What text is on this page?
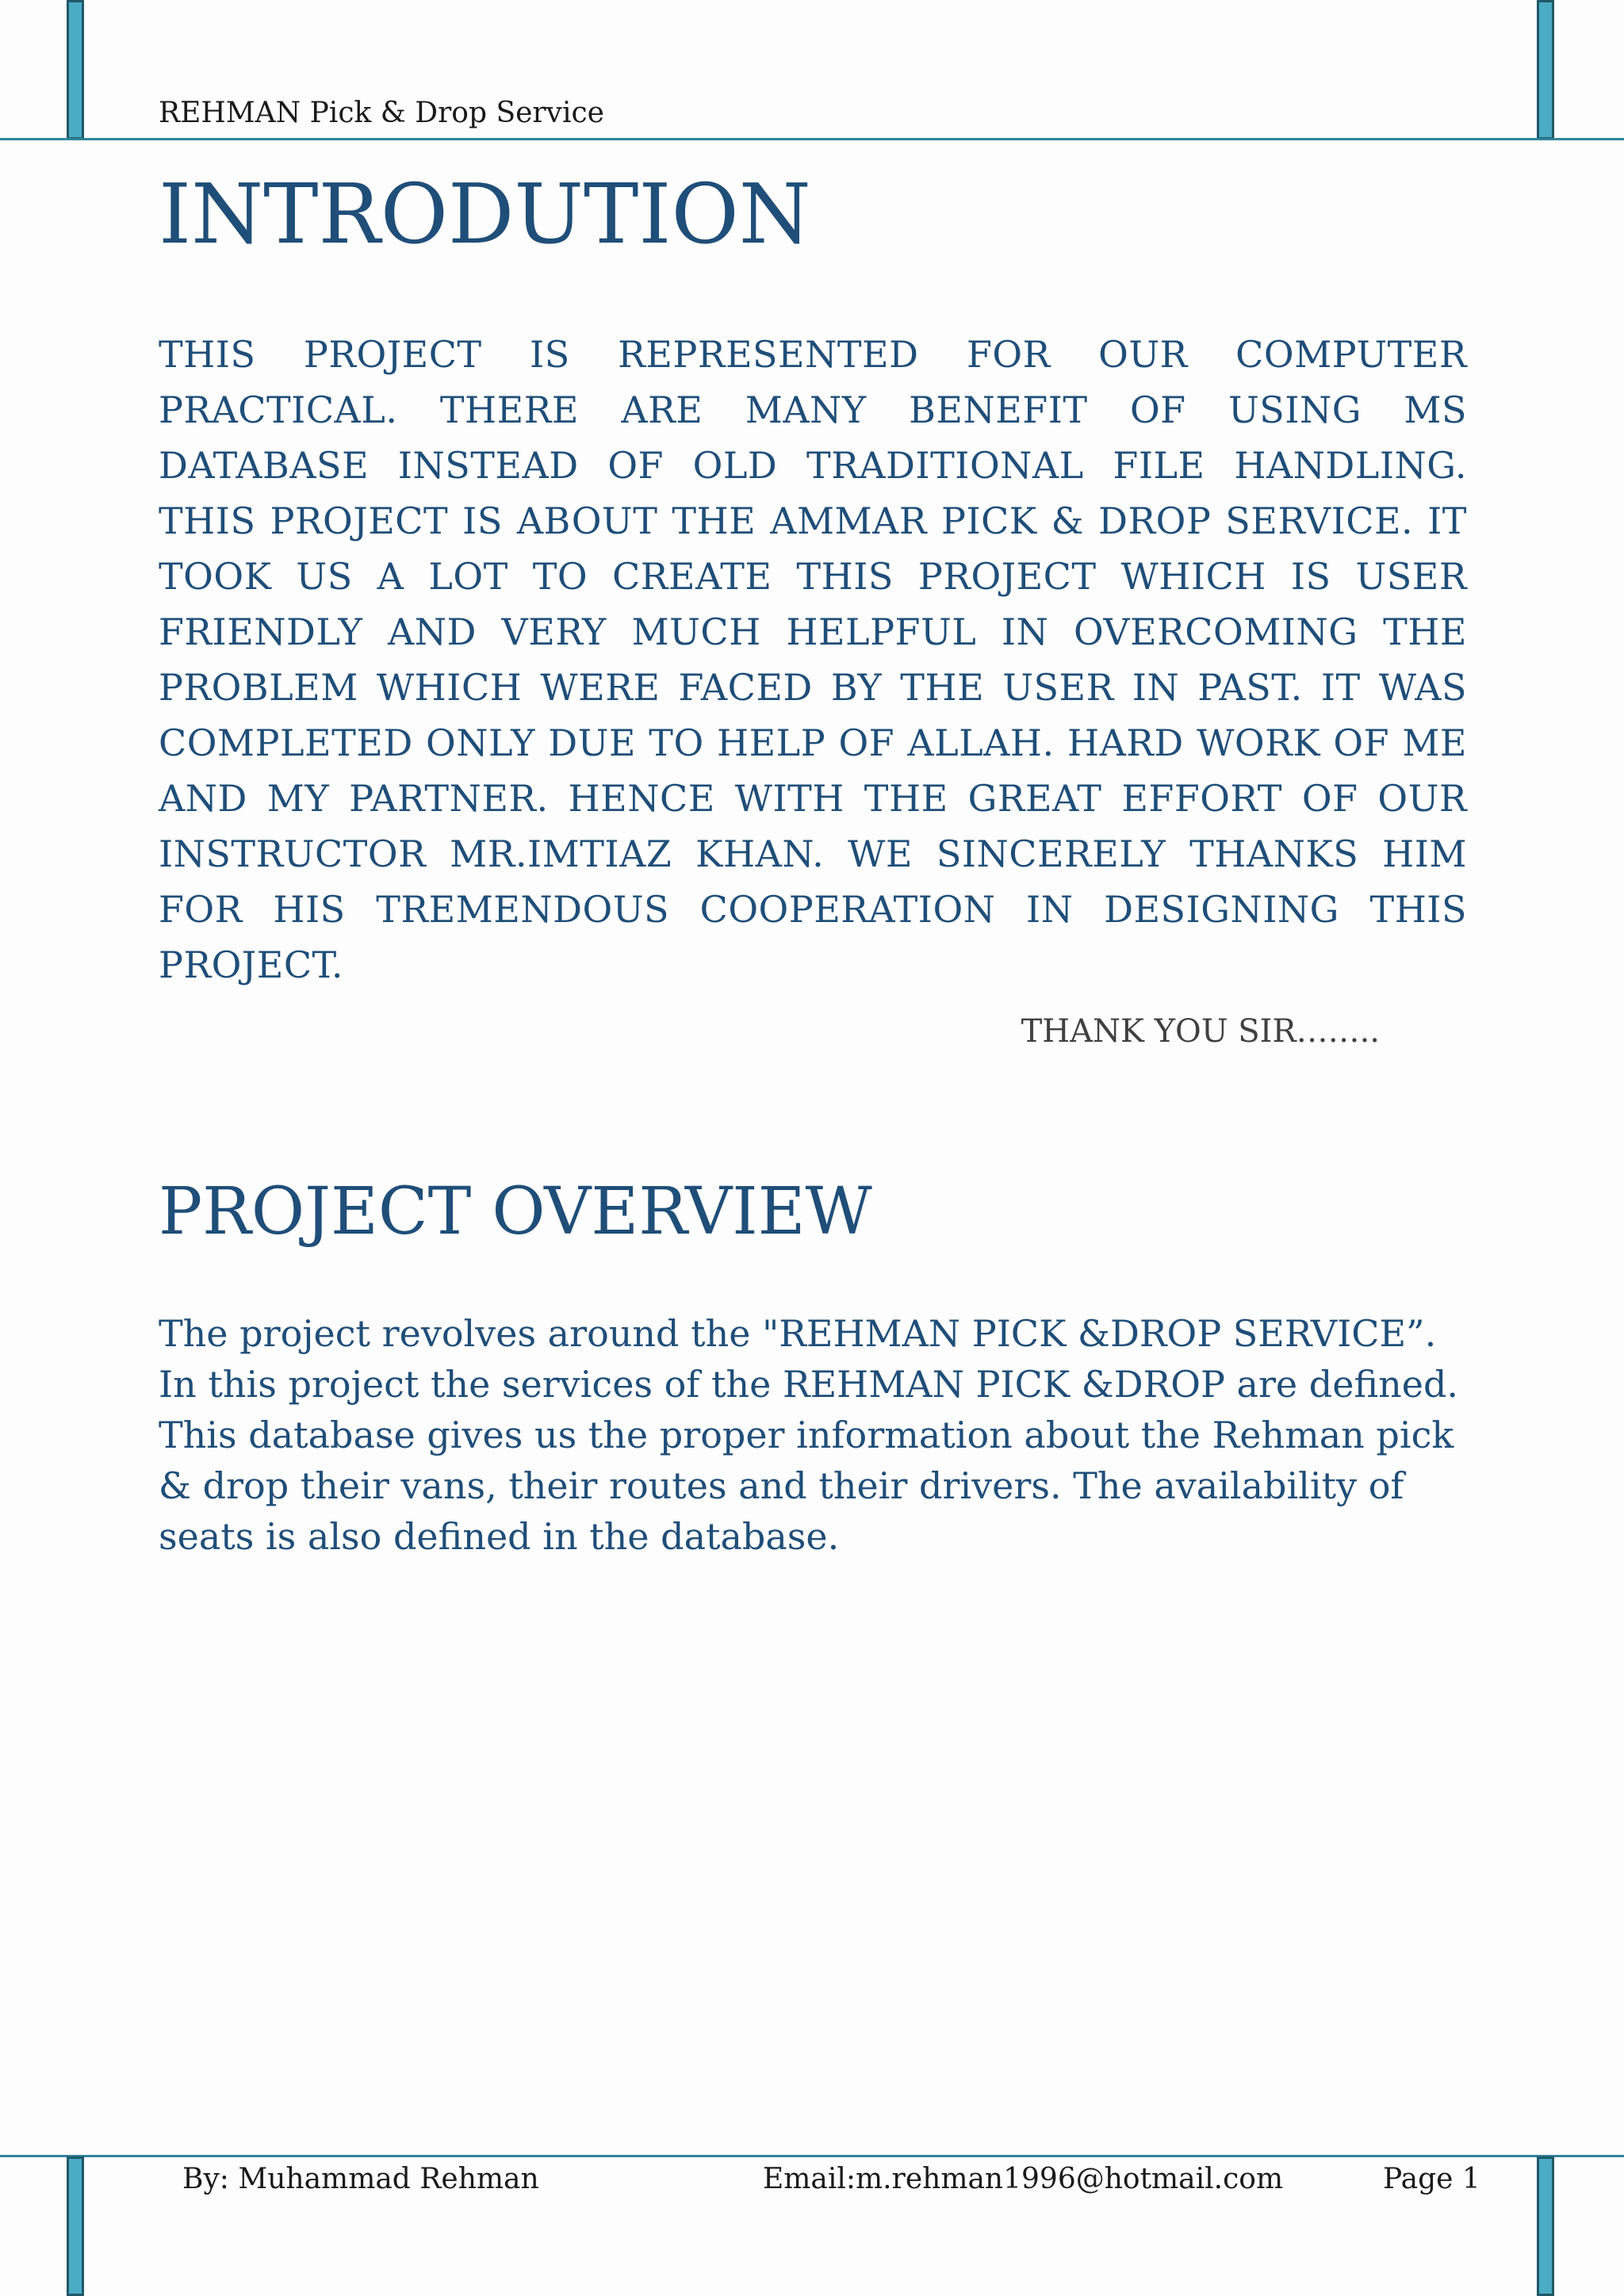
REHMAN Pick & Drop Service
INTRODUTION
THIS PROJECT IS REPRESENTED FOR OUR COMPUTER PRACTICAL. THERE ARE MANY BENEFIT OF USING MS DATABASE INSTEAD OF OLD TRADITIONAL FILE HANDLING. THIS PROJECT IS ABOUT THE AMMAR PICK & DROP SERVICE. IT TOOK US A LOT TO CREATE THIS PROJECT WHICH IS USER FRIENDLY AND VERY MUCH HELPFUL IN OVERCOMING THE PROBLEM WHICH WERE FACED BY THE USER IN PAST. IT WAS COMPLETED ONLY DUE TO HELP OF ALLAH. HARD WORK OF ME AND MY PARTNER. HENCE WITH THE GREAT EFFORT OF OUR INSTRUCTOR MR.IMTIAZ KHAN. WE SINCERELY THANKS HIM FOR HIS TREMENDOUS COOPERATION IN DESIGNING THIS PROJECT.
THANK YOU SIR……..
PROJECT OVERVIEW
The project revolves around the "REHMAN PICK &DROP SERVICE”. In this project the services of the REHMAN PICK &DROP are defined. This database gives us the proper information about the Rehman pick & drop their vans, their routes and their drivers. The availability of seats is also defined in the database.
By: Muhammad Rehman	Email:m.rehman1996@hotmail.com	Page 1
